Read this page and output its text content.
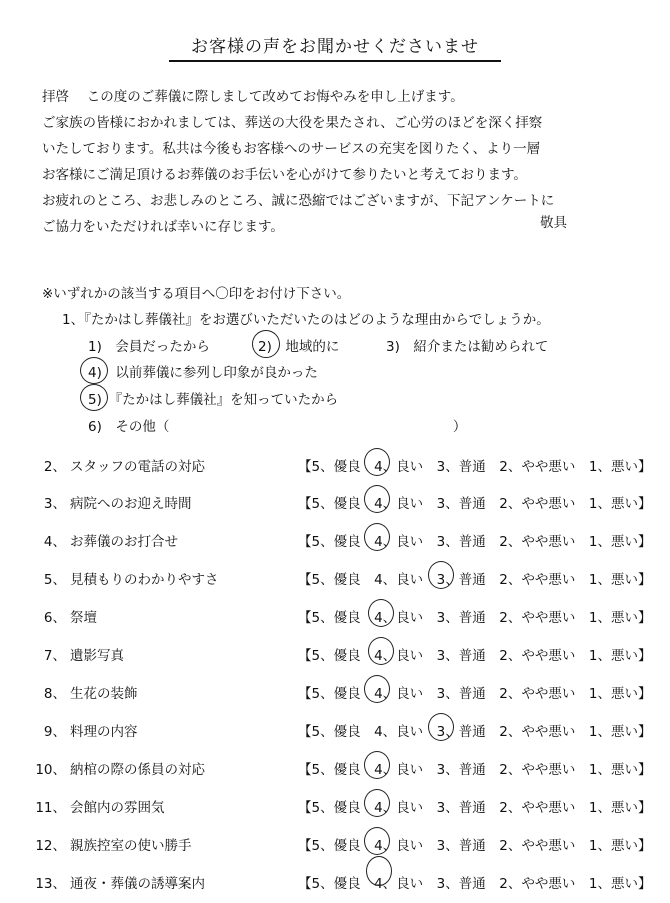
お客様の声をお聞かせくださいませ
拝啓　 この度のご葬儀に際しまして改めてお悔やみを申し上げます。
ご家族の皆様におかれましては、葬送の大役を果たされ、ご心労のほどを深く拝察
いたしております。私共は今後もお客様へのサービスの充実を図りたく、より一層
お客様にご満足頂けるお葬儀のお手伝いを心がけて参りたいと考えております。
お疲れのところ、お悲しみのところ、誠に恐縮ではございますが、下記アンケートに
ご協力をいただければ幸いに存じます。	敬具
※いずれかの該当する項目へ〇印をお付け下さい。
1、『たかはし葬儀社』をお選びいただいたのはどのような理由からでしょうか。
1)　会員だったから	2)　地域的に	3)　紹介または勧められて
4)　以前葬儀に参列し印象が良かった
5)　『たかはし葬儀社』を知っていたから
6)　その他（　　　　　　　　　　　　　　　　　　　　　）
2、 スタッフの電話の対応	【5、優良　4、良い　3、普通　2、やや悪い　1、悪い】
3、 病院へのお迎え時間	【5、優良　4、良い　3、普通　2、やや悪い　1、悪い】
4、 お葬儀のお打合せ	【5、優良　4、良い　3、普通　2、やや悪い　1、悪い】
5、 見積もりのわかりやすさ	【5、優良　4、良い　3、普通　2、やや悪い　1、悪い】
6、 祭壇	【5、優良　4、良い　3、普通　2、やや悪い　1、悪い】
7、 遺影写真	【5、優良　4、良い　3、普通　2、やや悪い　1、悪い】
8、 生花の装飾	【5、優良　4、良い　3、普通　2、やや悪い　1、悪い】
9、 料理の内容	【5、優良　4、良い　3、普通　2、やや悪い　1、悪い】
10、 納棺の際の係員の対応	【5、優良　4、良い　3、普通　2、やや悪い　1、悪い】
11、 会館内の雰囲気	【5、優良　4、良い　3、普通　2、やや悪い　1、悪い】
12、 親族控室の使い勝手	【5、優良　4、良い　3、普通　2、やや悪い　1、悪い】
13、 通夜・葬儀の誘導案内	【5、優良　4、良い　3、普通　2、やや悪い　1、悪い】
